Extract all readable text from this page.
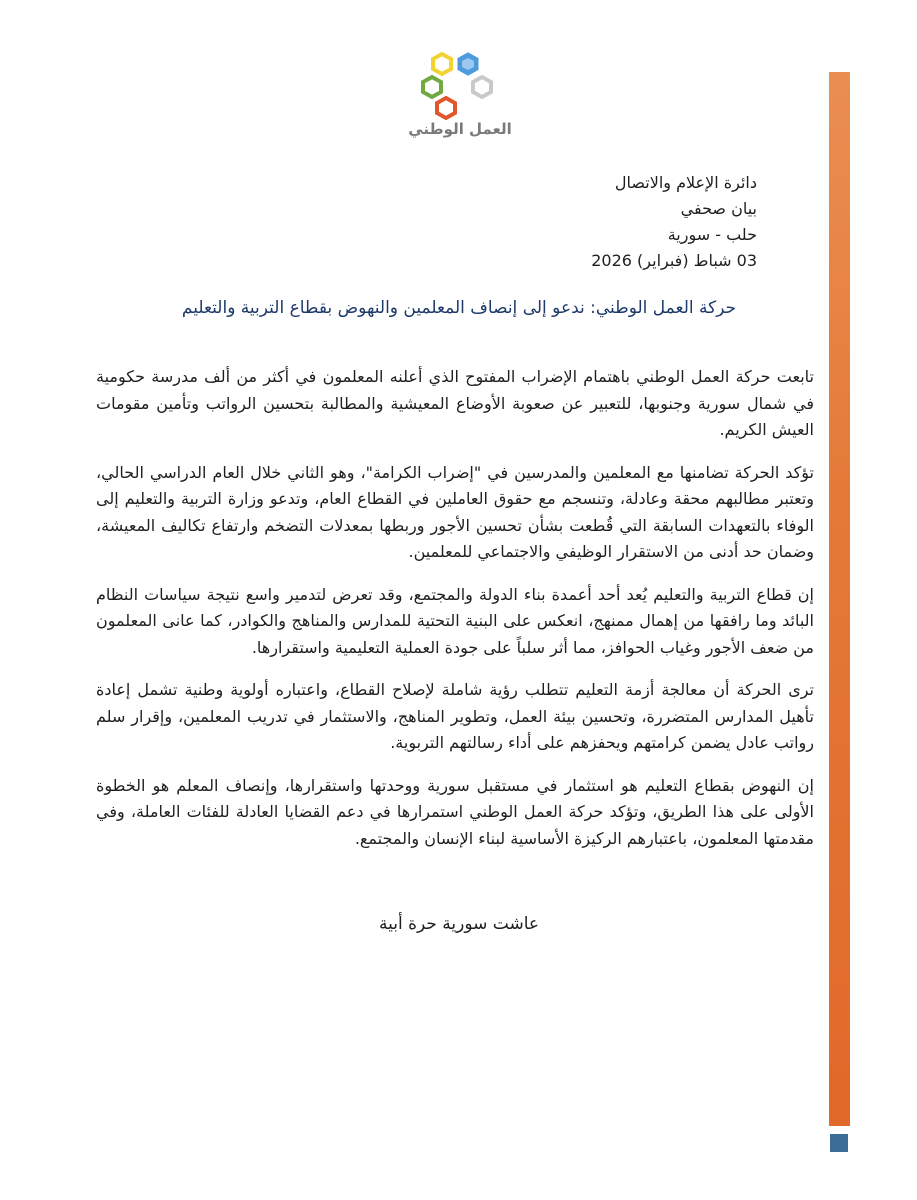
العمل الوطني
دائرة الإعلام والاتصال
بيان صحفي
حلب - سورية
03 شباط (فبراير) 2026
حركة العمل الوطني: ندعو إلى إنصاف المعلمين والنهوض بقطاع التربية والتعليم

تابعت حركة العمل الوطني باهتمام الإضراب المفتوح الذي أعلنه المعلمون في أكثر من ألف مدرسة حكومية في شمال سورية وجنوبها، للتعبير عن صعوبة الأوضاع المعيشية والمطالبة بتحسين الرواتب وتأمين مقومات العيش الكريم.

تؤكد الحركة تضامنها مع المعلمين والمدرسين في "إضراب الكرامة"، وهو الثاني خلال العام الدراسي الحالي، وتعتبر مطالبهم محقة وعادلة، وتنسجم مع حقوق العاملين في القطاع العام، وتدعو وزارة التربية والتعليم إلى الوفاء بالتعهدات السابقة التي قُطعت بشأن تحسين الأجور وربطها بمعدلات التضخم وارتفاع تكاليف المعيشة، وضمان حد أدنى من الاستقرار الوظيفي والاجتماعي للمعلمين.

إن قطاع التربية والتعليم يُعد أحد أعمدة بناء الدولة والمجتمع، وقد تعرض لتدمير واسع نتيجة سياسات النظام البائد وما رافقها من إهمال ممنهج، انعكس على البنية التحتية للمدارس والمناهج والكوادر، كما عانى المعلمون من ضعف الأجور وغياب الحوافز، مما أثر سلباً على جودة العملية التعليمية واستقرارها.

ترى الحركة أن معالجة أزمة التعليم تتطلب رؤية شاملة لإصلاح القطاع، واعتباره أولوية وطنية تشمل إعادة تأهيل المدارس المتضررة، وتحسين بيئة العمل، وتطوير المناهج، والاستثمار في تدريب المعلمين، وإقرار سلم رواتب عادل يضمن كرامتهم ويحفزهم على أداء رسالتهم التربوية.

إن النهوض بقطاع التعليم هو استثمار في مستقبل سورية ووحدتها واستقرارها، وإنصاف المعلم هو الخطوة الأولى على هذا الطريق، وتؤكد حركة العمل الوطني استمرارها في دعم القضايا العادلة للفئات العاملة، وفي مقدمتها المعلمون، باعتبارهم الركيزة الأساسية لبناء الإنسان والمجتمع.

عاشت سورية حرة أبية
